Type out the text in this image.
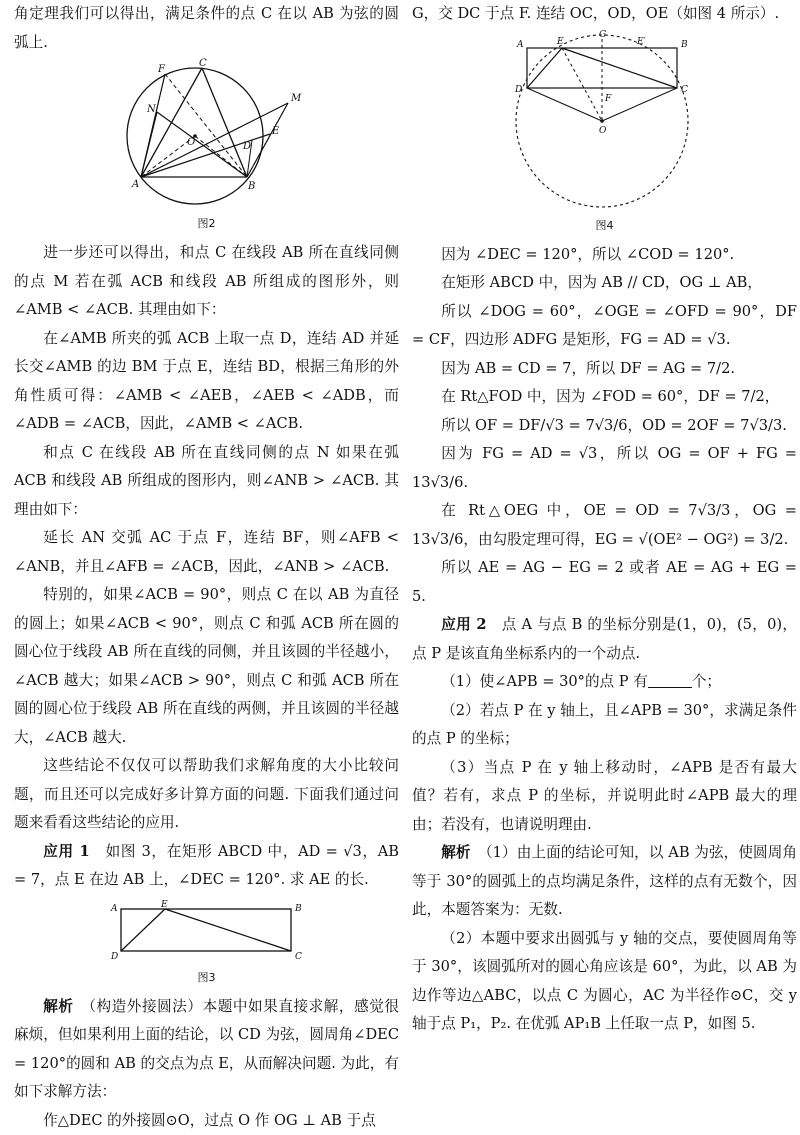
角定理我们可以得出，满足条件的点 C 在以 AB 为弦的圆弧上.

F
C
M
N
O
E
D
A	B

图2

进一步还可以得出，和点 C 在线段 AB 所在直线同侧的点 M 若在弧 ACB 和线段 AB 所组成的图形外，则∠AMB < ∠ACB. 其理由如下：

在∠AMB 所夹的弧 ACB 上取一点 D，连结 AD 并延长交∠AMB 的边 BM 于点 E，连结 BD，根据三角形的外角性质可得：∠AMB < ∠AEB，∠AEB < ∠ADB，而∠ADB = ∠ACB，因此，∠AMB < ∠ACB.

和点 C 在线段 AB 所在直线同侧的点 N 如果在弧 ACB 和线段 AB 所组成的图形内，则∠ANB > ∠ACB. 其理由如下：

延长 AN 交弧 AC 于点 F，连结 BF，则∠AFB < ∠ANB，并且∠AFB = ∠ACB，因此，∠ANB > ∠ACB.

特别的，如果∠ACB = 90°，则点 C 在以 AB 为直径的圆上；如果∠ACB < 90°，则点 C 和弧 ACB 所在圆的圆心位于线段 AB 所在直线的同侧，并且该圆的半径越小，∠ACB 越大；如果∠ACB > 90°，则点 C 和弧 ACB 所在圆的圆心位于线段 AB 所在直线的两侧，并且该圆的半径越大，∠ACB 越大.

这些结论不仅仅可以帮助我们求解角度的大小比较问题，而且还可以完成好多计算方面的问题. 下面我们通过问题来看看这些结论的应用.

应用 1　 如图 3，在矩形 ABCD 中，AD = √3，AB = 7，点 E 在边 AB 上，∠DEC = 120°. 求 AE 的长.

A	E	B
D	C

图3

解析　 （构造外接圆法）本题中如果直接求解，感觉很麻烦，但如果利用上面的结论，以 CD 为弦，圆周角∠DEC = 120°的圆和 AB 的交点为点 E，从而解决问题. 为此，有如下求解方法：

作△DEC 的外接圆⊙O，过点 O 作 OG ⊥ AB 于点

G，交 DC 于点 F. 连结 OC，OD，OE（如图 4 所示）.

A	E
G
E′	B
D
F
C
O

图4

因为 ∠DEC = 120°，所以 ∠COD = 120°.

在矩形 ABCD 中，因为 AB // CD，OG ⊥ AB，

所以 ∠DOG = 60°，∠OGE = ∠OFD = 90°，DF = CF，四边形 ADFG 是矩形，FG = AD = √3.

因为 AB = CD = 7，所以 DF = AG = 7/2.

在 Rt△FOD 中，因为 ∠FOD = 60°，DF = 7/2，

所以 OF = DF/√3 = 7√3/6，OD = 2OF = 7√3/3.

因为 FG = AD = √3，所以 OG = OF + FG = 13√3/6.

在 Rt△OEG 中，OE = OD = 7√3/3，OG = 13√3/6，由勾股定理可得，EG = √(OE² − OG²) = 3/2.

所以 AE = AG − EG = 2 或者 AE = AG + EG = 5.

应用 2　 点 A 与点 B 的坐标分别是(1，0)，(5，0)，点 P 是该直角坐标系内的一个动点.

（1）使∠APB = 30°的点 P 有	个；

（2）若点 P 在 y 轴上，且∠APB = 30°，求满足条件的点 P 的坐标；

（3）当点 P 在 y 轴上移动时，∠APB 是否有最大值？若有，求点 P 的坐标，并说明此时∠APB 最大的理由；若没有，也请说明理由.

解析　 （1）由上面的结论可知，以 AB 为弦，使圆周角等于 30°的圆弧上的点均满足条件，这样的点有无数个，因此，本题答案为：无数.

（2）本题中要求出圆弧与 y 轴的交点，要使圆周角等于 30°，该圆弧所对的圆心角应该是 60°，为此，以 AB 为边作等边△ABC，以点 C 为圆心，AC 为半径作⊙C，交 y 轴于点 P₁，P₂. 在优弧 AP₁B 上任取一点 P，如图 5.
